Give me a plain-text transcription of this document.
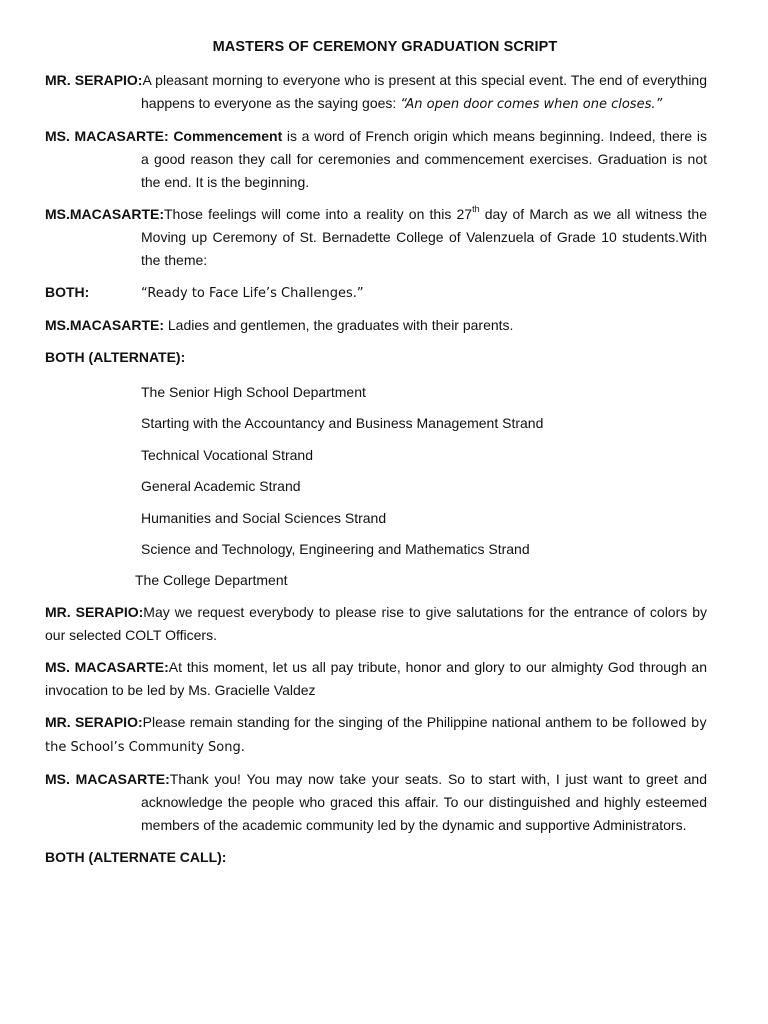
MASTERS OF CEREMONY GRADUATION SCRIPT

MR. SERAPIO:A pleasant morning to everyone who is present at this special event. The end of everything happens to everyone as the saying goes: “An open door comes when one closes.”

MS. MACASARTE: Commencement is a word of French origin which means beginning. Indeed, there is a good reason they call for ceremonies and commencement exercises. Graduation is not the end. It is the beginning.

MS.MACASARTE:Those feelings will come into a reality on this 27th day of March as we all witness the Moving up Ceremony of St. Bernadette College of Valenzuela of Grade 10 students.With the theme:

BOTH:	“Ready to Face Life’s Challenges.”

MS.MACASARTE: Ladies and gentlemen, the graduates with their parents.

BOTH (ALTERNATE):

The Senior High School Department
Starting with the Accountancy and Business Management Strand
Technical Vocational Strand
General Academic Strand
Humanities and Social Sciences Strand
Science and Technology, Engineering and Mathematics Strand
The College Department

MR. SERAPIO:May we request everybody to please rise to give salutations for the entrance of colors by our selected COLT Officers.

MS. MACASARTE:At this moment, let us all pay tribute, honor and glory to our almighty God through an invocation to be led by Ms. Gracielle Valdez

MR. SERAPIO:Please remain standing for the singing of the Philippine national anthem to be followed by the School’s Community Song.

MS. MACASARTE:Thank you! You may now take your seats. So to start with, I just want to greet and acknowledge the people who graced this affair. To our distinguished and highly esteemed members of the academic community led by the dynamic and supportive Administrators.

BOTH (ALTERNATE CALL):
